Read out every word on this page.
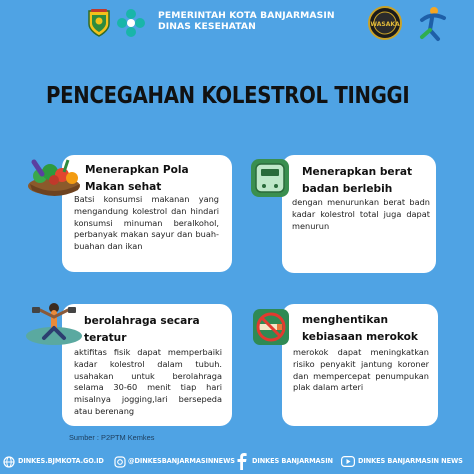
PEMERINTAH KOTA BANJARMASIN
DINAS KESEHATAN	WASAKA
PENCEGAHAN KOLESTROL TINGGI
Menerapkan Pola Makan sehat
Batsi konsumsi makanan yang mengandung kolestrol dan hindari konsumsi minuman beralkohol, perbanyak makan sayur dan buah-buahan dan ikan
Menerapkan berat badan berlebih
dengan menurunkan berat badn kadar kolestrol total juga dapat menurun
berolahraga secara teratur
aktifitas fisik dapat memperbaiki kadar kolestrol dalam tubuh. usahakan untuk berolahraga selama 30-60 menit tiap hari misalnya jogging,lari bersepeda atau berenang
menghentikan kebiasaan merokok
merokok dapat meningkatkan risiko penyakit jantung koroner dan mempercepat penumpukan plak dalam arteri
Sumber : P2PTM Kemkes
DINKES.BJMKOTA.GO.ID	@DINKESBANJARMASINNEWS	DINKES BANJARMASIN	DINKES BANJARMASIN NEWS
